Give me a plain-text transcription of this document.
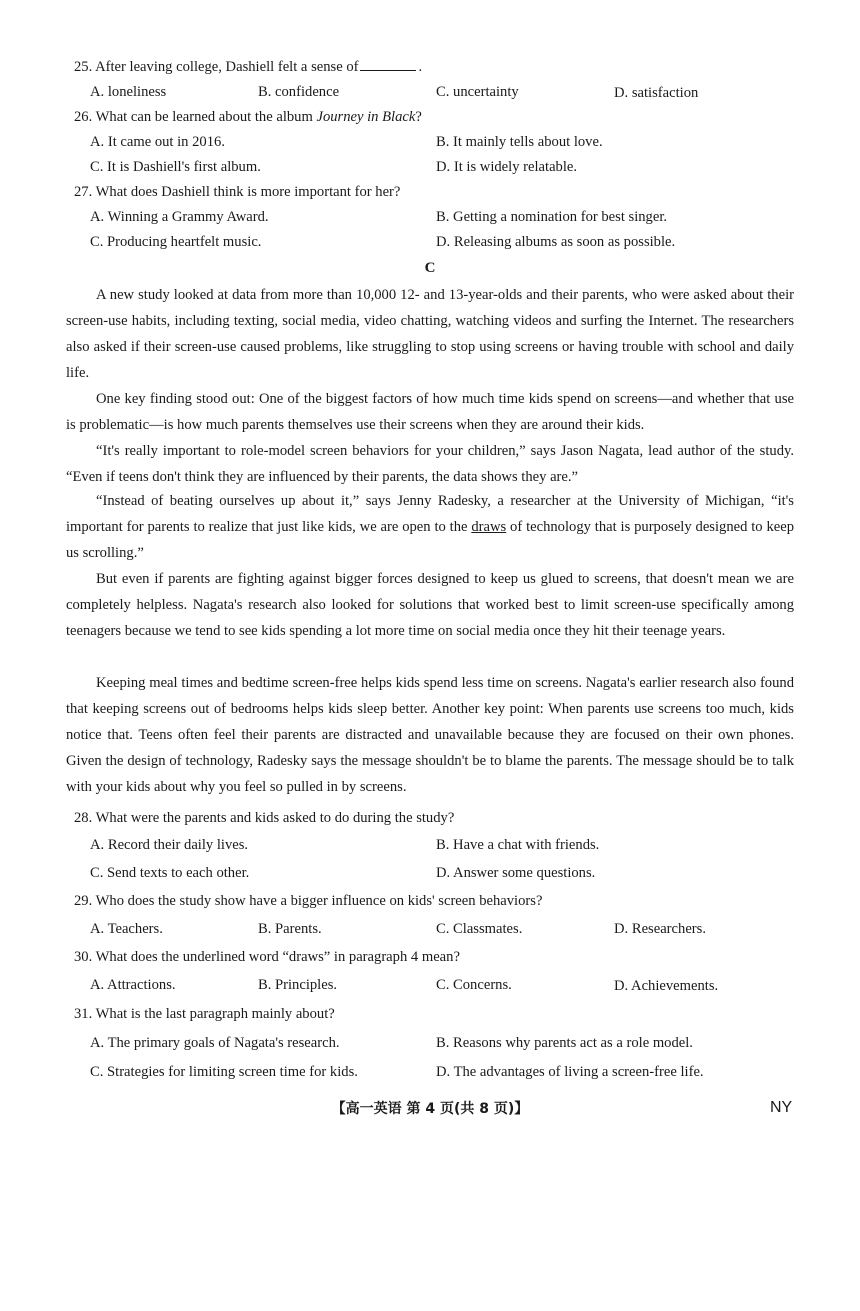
25. After leaving college, Dashiell felt a sense of	.
A. loneliness	B. confidence	C. uncertainty	D. satisfaction
26. What can be learned about the album Journey in Black?
A. It came out in 2016.	B. It mainly tells about love.
C. It is Dashiell's first album.	D. It is widely relatable.
27. What does Dashiell think is more important for her?
A. Winning a Grammy Award.	B. Getting a nomination for best singer.
C. Producing heartfelt music.	D. Releasing albums as soon as possible.
C

A new study looked at data from more than 10,000 12- and 13-year-olds and their parents, who were asked about their screen-use habits, including texting, social media, video chatting, watching videos and surfing the Internet. The researchers also asked if their screen-use caused problems, like struggling to stop using screens or having trouble with school and daily life.

One key finding stood out: One of the biggest factors of how much time kids spend on screens—and whether that use is problematic—is how much parents themselves use their screens when they are around their kids.

“It's really important to role-model screen behaviors for your children,” says Jason Nagata, lead author of the study. “Even if teens don't think they are influenced by their parents, the data shows they are.”

“Instead of beating ourselves up about it,” says Jenny Radesky, a researcher at the University of Michigan, “it's important for parents to realize that just like kids, we are open to the draws of technology that is purposely designed to keep us scrolling.”

But even if parents are fighting against bigger forces designed to keep us glued to screens, that doesn't mean we are completely helpless. Nagata's research also looked for solutions that worked best to limit screen-use specifically among teenagers because we tend to see kids spending a lot more time on social media once they hit their teenage years.

Keeping meal times and bedtime screen-free helps kids spend less time on screens. Nagata's earlier research also found that keeping screens out of bedrooms helps kids sleep better. Another key point: When parents use screens too much, kids notice that. Teens often feel their parents are distracted and unavailable because they are focused on their own phones. Given the design of technology, Radesky says the message shouldn't be to blame the parents. The message should be to talk with your kids about why you feel so pulled in by screens.

28. What were the parents and kids asked to do during the study?
A. Record their daily lives.	B. Have a chat with friends.
C. Send texts to each other.	D. Answer some questions.
29. Who does the study show have a bigger influence on kids' screen behaviors?
A. Teachers.	B. Parents.	C. Classmates.	D. Researchers.
30. What does the underlined word “draws” in paragraph 4 mean?
A. Attractions.	B. Principles.	C. Concerns.	D. Achievements.
31. What is the last paragraph mainly about?
A. The primary goals of Nagata's research.	B. Reasons why parents act as a role model.
C. Strategies for limiting screen time for kids.	D. The advantages of living a screen-free life.
【高一英语 第 4 页(共 8 页)】	NY
